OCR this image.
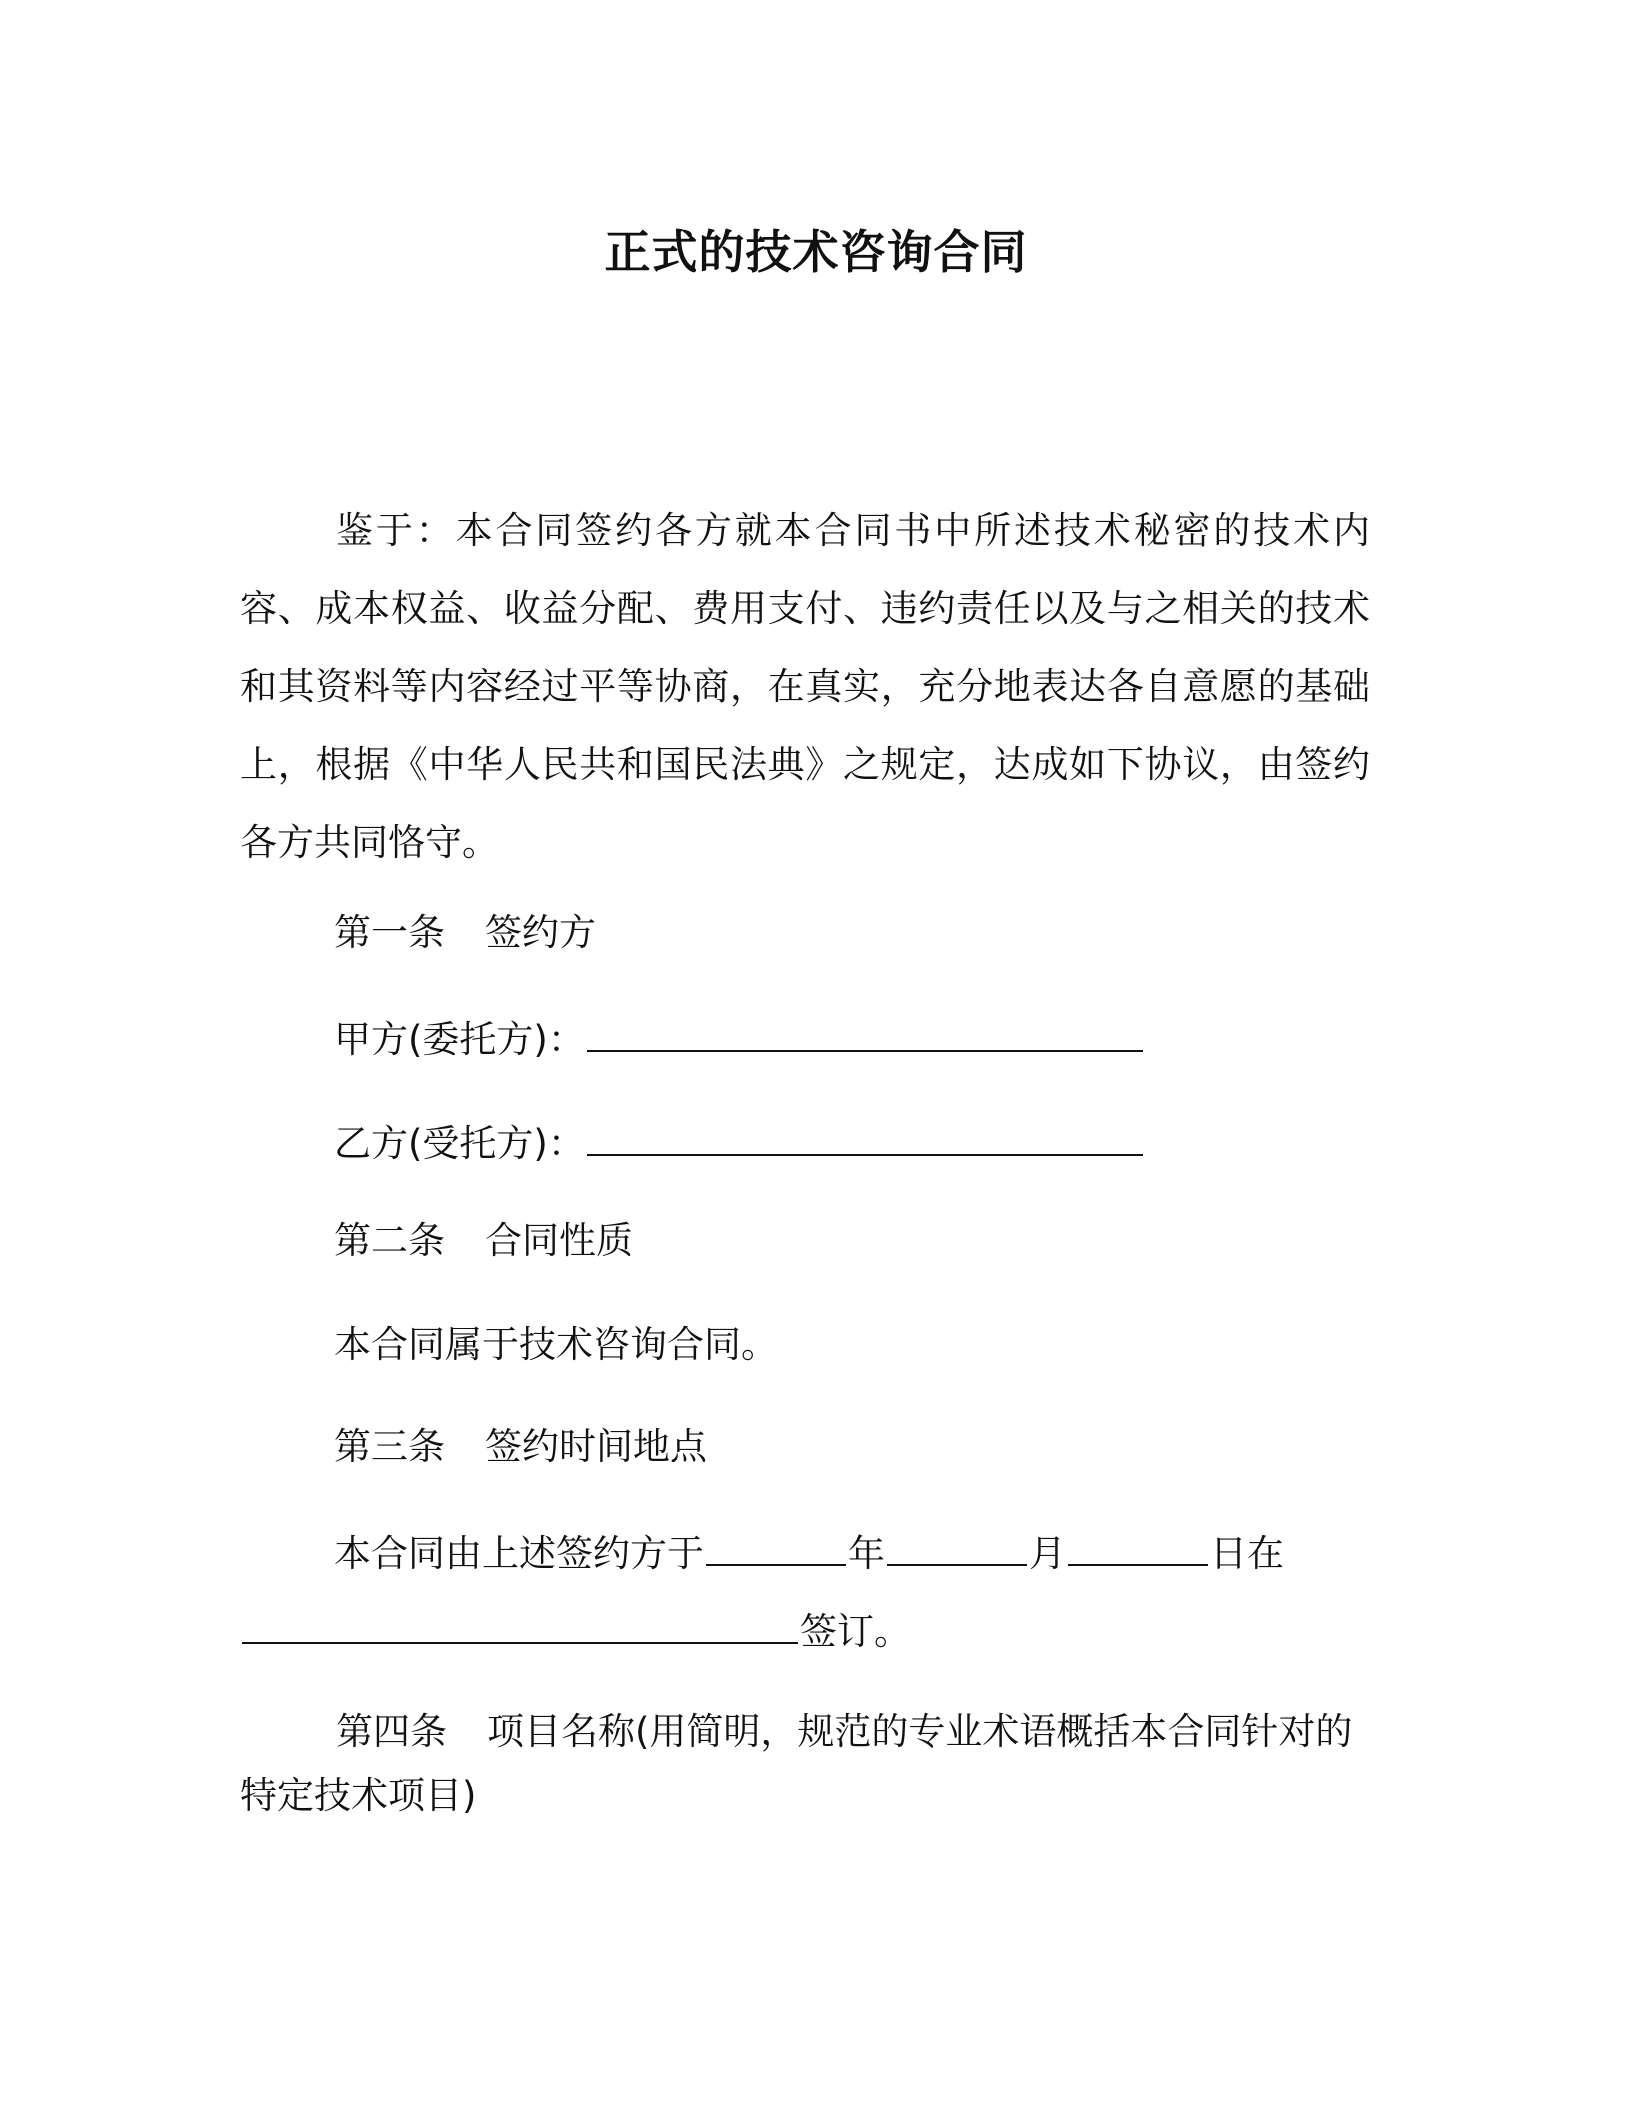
正式的技术咨询合同
鉴于：本合同签约各方就本合同书中所述技术秘密的技术内容、成本权益、收益分配、费用支付、违约责任以及与之相关的技术和其资料等内容经过平等协商，在真实，充分地表达各自意愿的基础上，根据《中华人民共和国民法典》之规定，达成如下协议，由签约各方共同恪守。
第一条 签约方
甲方(委托方)：
乙方(受托方)：
第二条 合同性质
本合同属于技术咨询合同。
第三条 签约时间地点
本合同由上述签约方于	年	月	日在
签订。
第四条 项目名称(用简明，规范的专业术语概括本合同针对的特定技术项目)
